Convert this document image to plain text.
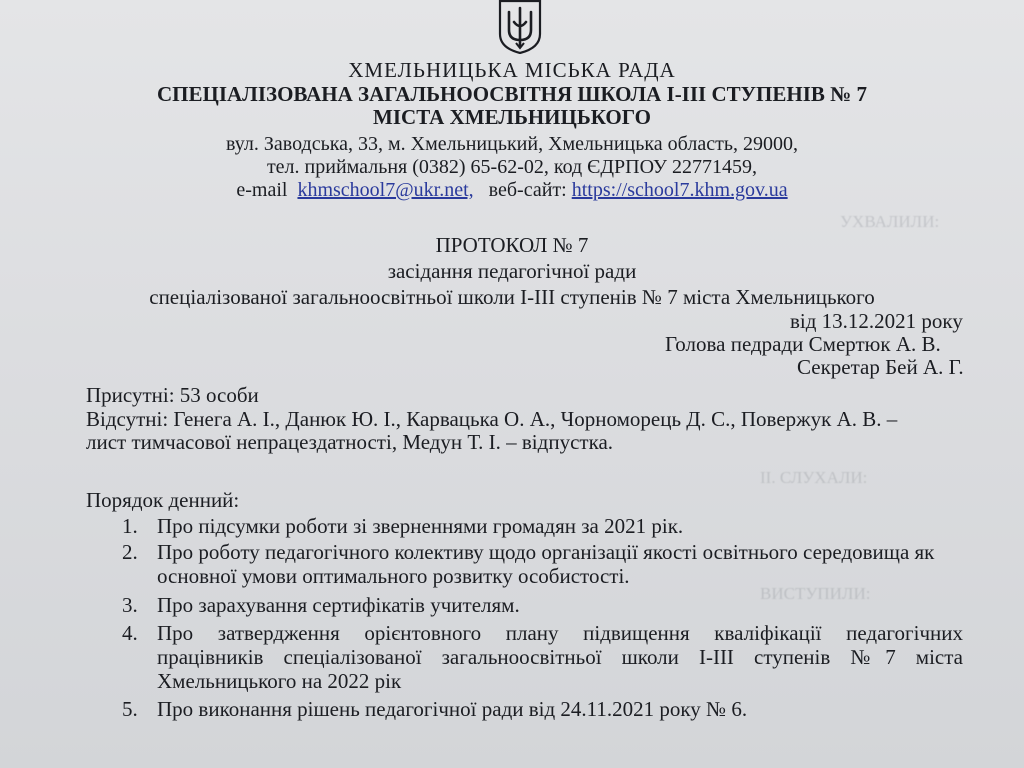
УХВАЛИЛИ:
II. СЛУХАЛИ:
ВИСТУПИЛИ:
ХМЕЛЬНИЦЬКА МІСЬКА РАДА
СПЕЦІАЛІЗОВАНА ЗАГАЛЬНООСВІТНЯ ШКОЛА І-ІІІ СТУПЕНІВ № 7
МІСТА ХМЕЛЬНИЦЬКОГО
вул. Заводська, 33, м. Хмельницький, Хмельницька область, 29000,
тел. приймальня (0382) 65-62-02, код ЄДРПОУ 22771459,
e-mail khmschool7@ukr.net, веб-сайт: https://school7.khm.gov.ua
ПРОТОКОЛ № 7
засідання педагогічної ради
спеціалізованої загальноосвітньої школи І-ІІІ ступенів № 7 міста Хмельницького
від 13.12.2021 року
Голова педради Смертюк А. В.
Секретар Бей А. Г.
Присутні: 53 особи
Відсутні: Генега А. І., Данюк Ю. І., Карвацька О. А., Чорноморець Д. С., Повержук А. В. –
лист тимчасової непрацездатності, Медун Т. І. – відпустка.
Порядок денний:
1. Про підсумки роботи зі зверненнями громадян за 2021 рік.
2. Про роботу педагогічного колективу щодо організації якості освітнього середовища як
основної умови оптимального розвитку особистості.
3. Про зарахування сертифікатів учителям.
4. Про затвердження орієнтовного плану підвищення кваліфікації педагогічних
працівників спеціалізованої загальноосвітньої школи І-ІІІ ступенів №7 міста
Хмельницького на 2022 рік
5. Про виконання рішень педагогічної ради від 24.11.2021 року № 6.
